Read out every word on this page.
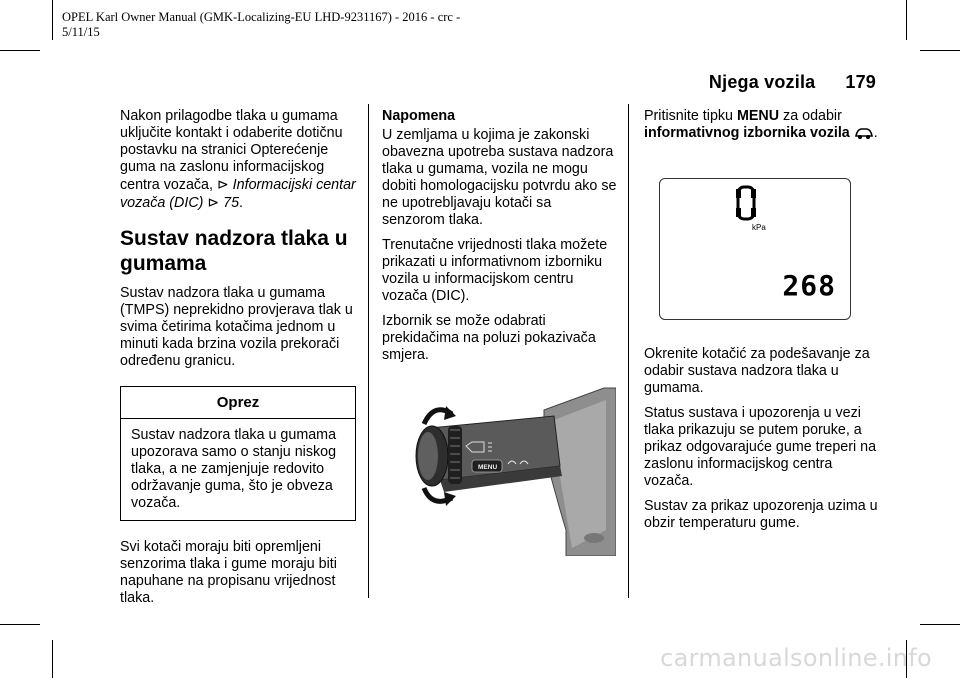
OPEL Karl Owner Manual (GMK-Localizing-EU LHD-9231167) - 2016 - crc -
5/11/15
Njega vozila 179

Nakon prilagodbe tlaka u gumama uključite kontakt i odaberite dotičnu postavku na stranici Opterećenje guma na zaslonu informacijskog centra vozača, ⊳ Informacijski centar vozača (DIC) ⊳ 75.

Sustav nadzora tlaka u gumama

Sustav nadzora tlaka u gumama (TMPS) neprekidno provjerava tlak u svima četirima kotačima jednom u minuti kada brzina vozila prekorači određenu granicu.

Oprez
Sustav nadzora tlaka u gumama upozorava samo o stanju niskog tlaka, a ne zamjenjuje redovito održavanje guma, što je obveza vozača.

Svi kotači moraju biti opremljeni senzorima tlaka i gume moraju biti napuhane na propisanu vrijednost tlaka.

Napomena

U zemljama u kojima je zakonski obavezna upotreba sustava nadzora tlaka u gumama, vozila ne mogu dobiti homologacijsku potvrdu ako se ne upotrebljavaju kotači sa senzorom tlaka.

Trenutačne vrijednosti tlaka možete prikazati u informativnom izborniku vozila u informacijskom centru vozača (DIC).

Izbornik se može odabrati prekidačima na poluzi pokazivača smjera.

MENU

Pritisnite tipku MENU za odabir informativnog izbornika vozila .

kPa
268

Okrenite kotačić za podešavanje za odabir sustava nadzora tlaka u gumama.

Status sustava i upozorenja u vezi tlaka prikazuju se putem poruke, a prikaz odgovarajuće gume treperi na zaslonu informacijskog centra vozača.

Sustav za prikaz upozorenja uzima u obzir temperaturu gume.

carmanualsonline.info
